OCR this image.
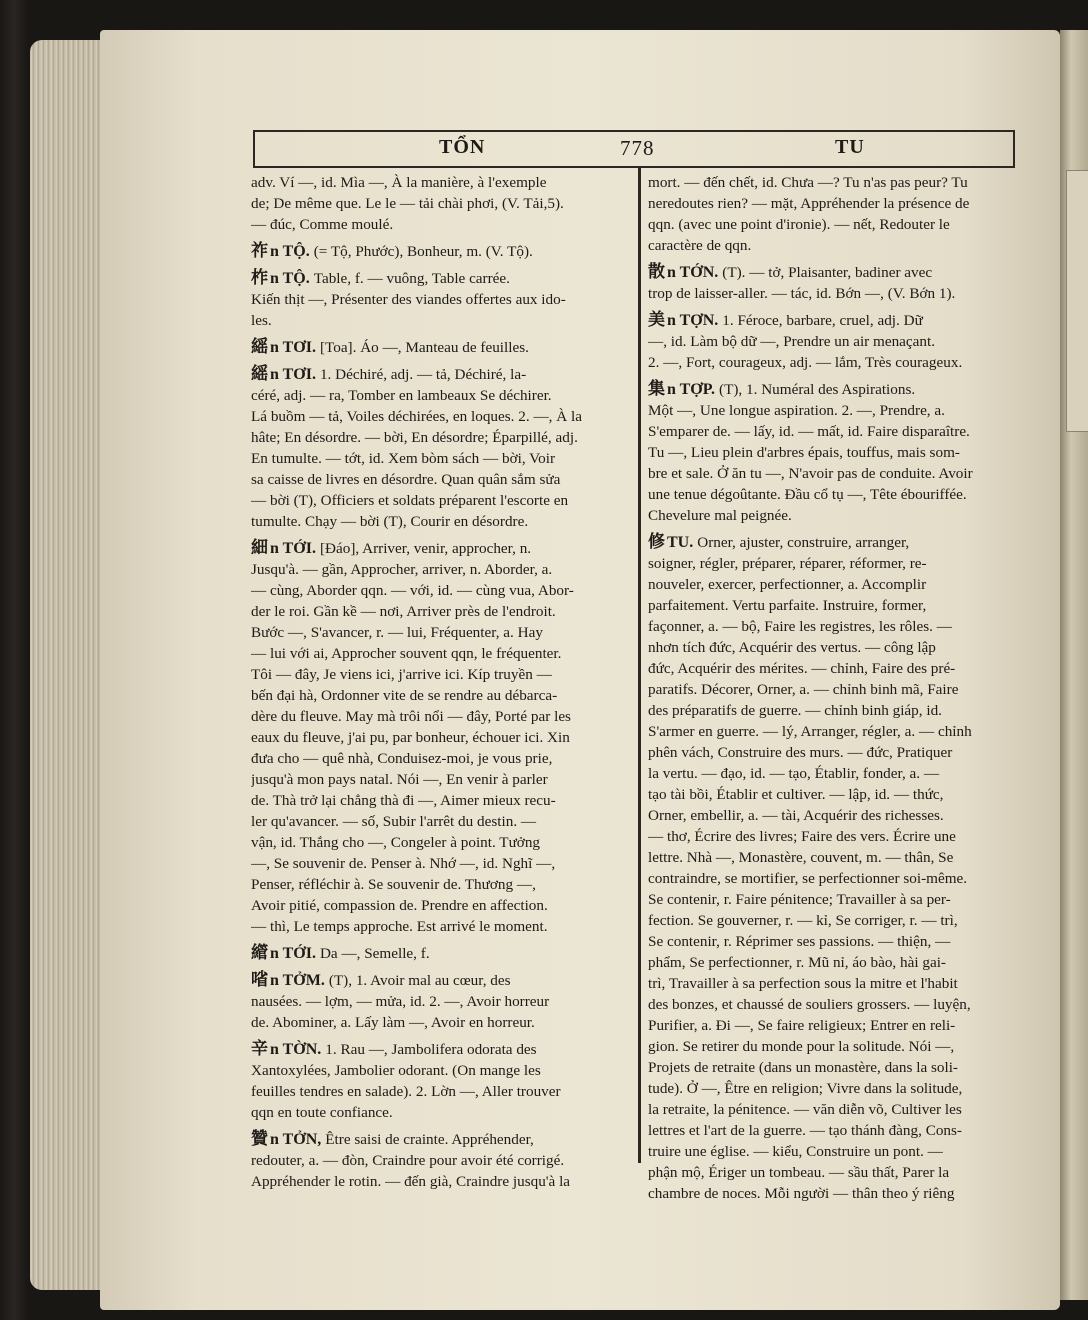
TỔN	778	TU
adv. Ví —, id. Mìa —, À la manière, à l'exemple
de; De même que. Le le — tải chài phơi, (V. Tải,5).
— đúc, Comme moulé.
祚 n TỘ. (= Tộ, Phước), Bonheur, m. (V. Tộ).
柞 n TỘ. Table, f. — vuông, Table carrée.
Kiến thịt —, Présenter des viandes offertes aux ido-
les.
䌊 n TƠI. [Toa]. Áo —, Manteau de feuilles.
䌊 n TƠI. 1. Déchiré, adj. — tả, Déchiré, la-
céré, adj. — ra, Tomber en lambeaux Se déchirer.
Lá buồm — tả, Voiles déchirées, en loques. 2. —, À la
hâte; En désordre. — bời, En désordre; Éparpillé, adj.
En tumulte. — tớt, id. Xem bòm sách — bời, Voir
sa caisse de livres en désordre. Quan quân sắm sửa
— bời (T), Officiers et soldats préparent l'escorte en
tumulte. Chạy — bời (T), Courir en désordre.
細 n TỚI. [Đáo], Arriver, venir, approcher, n.
Jusqu'à. — gần, Approcher, arriver, n. Aborder, a.
— cùng, Aborder qqn. — với, id. — cùng vua, Abor-
der le roi. Gần kề — nơi, Arriver près de l'endroit.
Bước —, S'avancer, r. — lui, Fréquenter, a. Hay
— lui với ai, Approcher souvent qqn, le fréquenter.
Tôi — đây, Je viens ici, j'arrive ici. Kíp truyền —
bến đại hà, Ordonner vite de se rendre au débarca-
dère du fleuve. May mà trôi nổi — đây, Porté par les
eaux du fleuve, j'ai pu, par bonheur, échouer ici. Xin
đưa cho — quê nhà, Conduisez-moi, je vous prie,
jusqu'à mon pays natal. Nói —, En venir à parler
de. Thà trở lại chẳng thà đi —, Aimer mieux recu-
ler qu'avancer. — số, Subir l'arrêt du destin. —
vận, id. Thắng cho —, Congeler à point. Tưởng
—, Se souvenir de. Penser à. Nhớ —, id. Nghĩ —,
Penser, réfléchir à. Se souvenir de. Thương —,
Avoir pitié, compassion de. Prendre en affection.
— thì, Le temps approche. Est arrivé le moment.
䌣 n TỚI. Da —, Semelle, f.
㗂 n TỞM. (T), 1. Avoir mal au cœur, des
nausées. — lợm, — mửa, id. 2. —, Avoir horreur
de. Abominer, a. Lấy làm —, Avoir en horreur.
辛 n TỜN. 1. Rau —, Jambolifera odorata des
Xantoxylées, Jambolier odorant. (On mange les
feuilles tendres en salade). 2. Lờn —, Aller trouver
qqn en toute confiance.
贊 n TỞN, Être saisi de crainte. Appréhender,
redouter, a. — đòn, Craindre pour avoir été corrigé.
Appréhender le rotin. — đến già, Craindre jusqu'à la
mort. — đến chết, id. Chưa —? Tu n'as pas peur? Tu
neredoutes rien? — mặt, Appréhender la présence de
qqn. (avec une point d'ironie). — nết, Redouter le
caractère de qqn.
散 n TỚN. (T). — tở, Plaisanter, badiner avec
trop de laisser-aller. — tác, id. Bớn —, (V. Bớn 1).
美 n TỢN. 1. Féroce, barbare, cruel, adj. Dữ
—, id. Làm bộ dữ —, Prendre un air menaçant.
2. —, Fort, courageux, adj. — lắm, Très courageux.
集 n TỢP. (T), 1. Numéral des Aspirations.
Một —, Une longue aspiration. 2. —, Prendre, a.
S'emparer de. — lấy, id. — mất, id. Faire disparaître.
Tu —, Lieu plein d'arbres épais, touffus, mais som-
bre et sale. Ở ăn tu —, N'avoir pas de conduite. Avoir
une tenue dégoûtante. Đầu cổ tụ —, Tête ébouriffée.
Chevelure mal peignée.
修 TU. Orner, ajuster, construire, arranger,
soigner, régler, préparer, réparer, réformer, re-
nouveler, exercer, perfectionner, a. Accomplir
parfaitement. Vertu parfaite. Instruire, former,
façonner, a. — bộ, Faire les registres, les rôles. —
nhơn tích đức, Acquérir des vertus. — công lập
đức, Acquérir des mérites. — chỉnh, Faire des pré-
paratifs. Décorer, Orner, a. — chỉnh binh mã, Faire
des préparatifs de guerre. — chỉnh binh giáp, id.
S'armer en guerre. — lý, Arranger, régler, a. — chỉnh
phên vách, Construire des murs. — đức, Pratiquer
la vertu. — đạo, id. — tạo, Établir, fonder, a. —
tạo tài bồi, Établir et cultiver. — lập, id. — thức,
Orner, embellir, a. — tài, Acquérir des richesses.
— thơ, Écrire des livres; Faire des vers. Écrire une
lettre. Nhà —, Monastère, couvent, m. — thân, Se
contraindre, se mortifier, se perfectionner soi-même.
Se contenir, r. Faire pénitence; Travailler à sa per-
fection. Se gouverner, r. — kỉ, Se corriger, r. — trì,
Se contenir, r. Réprimer ses passions. — thiện, —
phẩm, Se perfectionner, r. Mũ nỉ, áo bào, hài gai-
trì, Travailler à sa perfection sous la mitre et l'habit
des bonzes, et chaussé de souliers grossers. — luyện,
Purifier, a. Đi —, Se faire religieux; Entrer en reli-
gion. Se retirer du monde pour la solitude. Nói —,
Projets de retraite (dans un monastère, dans la soli-
tude). Ở —, Être en religion; Vivre dans la solitude,
la retraite, la pénitence. — văn diễn võ, Cultiver les
lettres et l'art de la guerre. — tạo thánh đàng, Cons-
truire une église. — kiểu, Construire un pont. —
phận mộ, Ériger un tombeau. — sầu thất, Parer la
chambre de noces. Mỗi người — thân theo ý riêng
